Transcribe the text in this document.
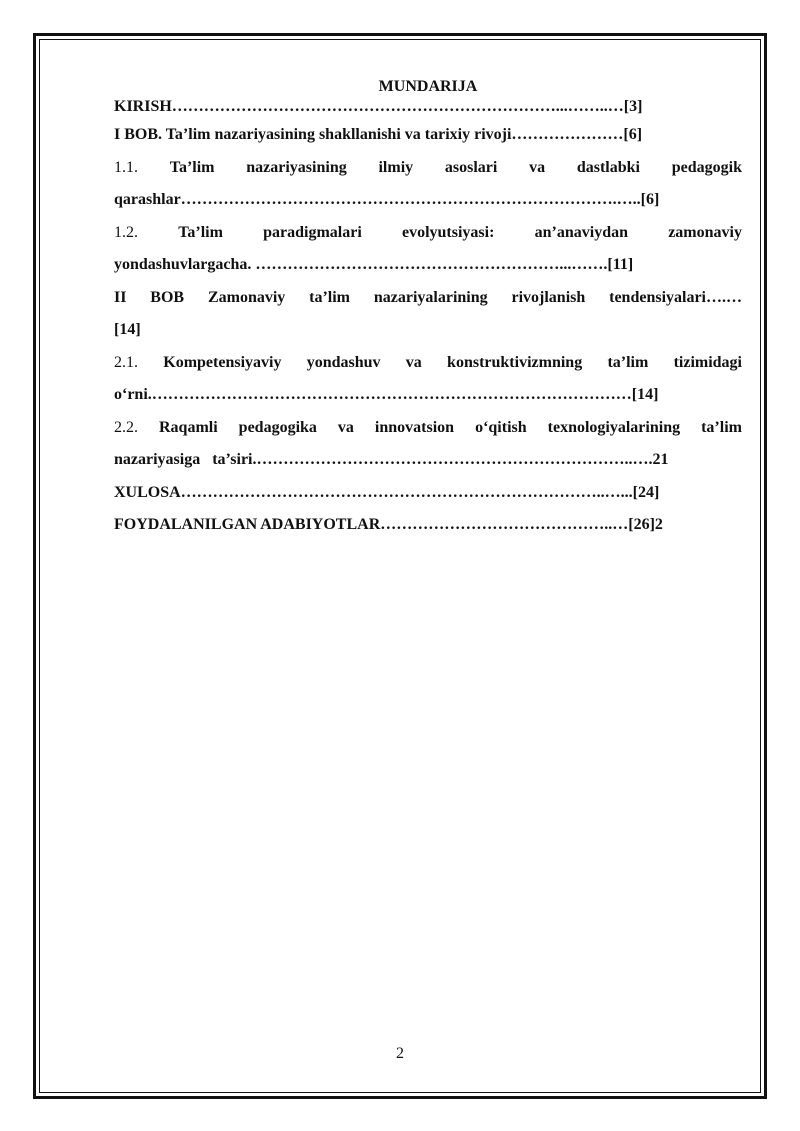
MUNDARIJA

KIRISH………………………………………………………………...……..…[3]

I BOB. Ta’lim nazariyasining shakllanishi va tarixiy rivoji…………………[6]

1.1. Ta’lim nazariyasining ilmiy asoslari va dastlabki pedagogik
qarashlar……………………………………………………………………….…..[6]
1.2.	Ta’lim	paradigmalari	evolyutsiyasi:	an’anaviydan	zamonaviy
yondashuvlargacha. …………………………………………………...…….[11]
II BOB Zamonaviy ta’lim nazariyalarining rivojlanish tendensiyalari….…
[14]
2.1. Kompetensiyaviy yondashuv va konstruktivizmning ta’lim tizimidagi
o‘rni.………………………………………………………………………………[14]
2.2. Raqamli pedagogika va innovatsion o‘qitish texnologiyalarining ta’lim
nazariyasiga   ta’siri.……………………………………………………………..….21

XULOSA……………………………………………………………………..…...[24]

FOYDALANILGAN ADABIYOTLAR……………………………………..…[26]2

2
